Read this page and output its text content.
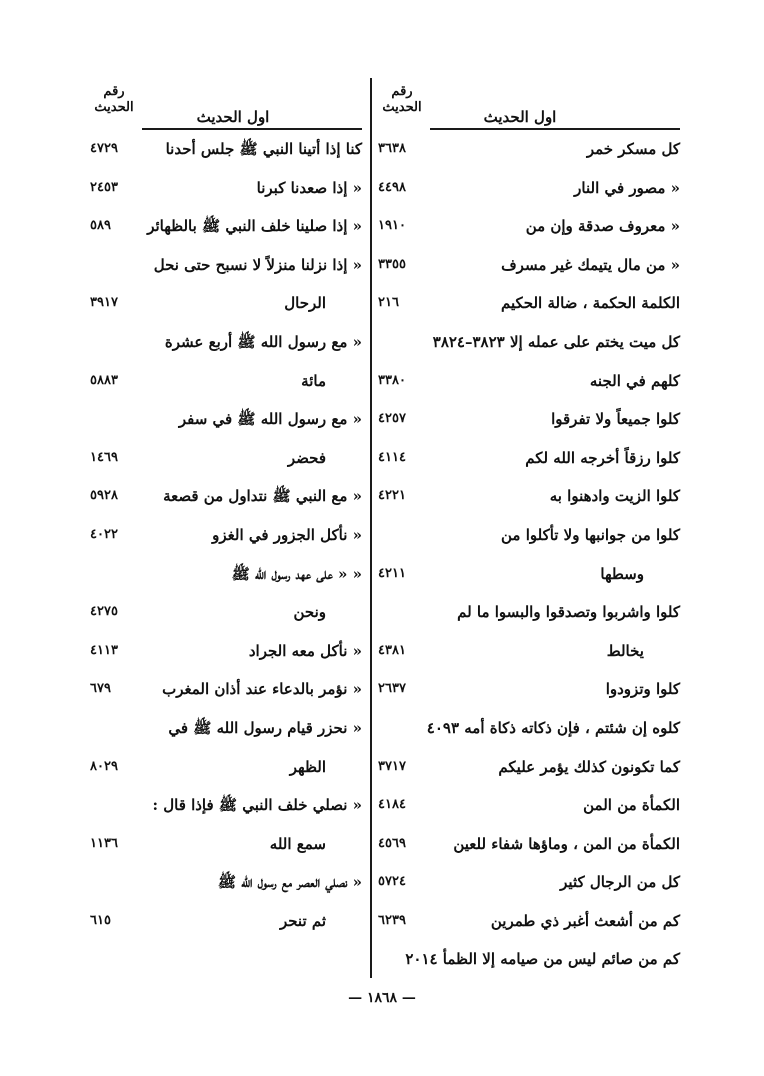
اول الحديث
رقم الحديث
كل مسكر خمر
٣٦٣٨
« مصور في النار
٤٤٩٨
« معروف صدقة وإن من
١٩١٠
« من مال يتيمك غير مسرف
٣٣٥٥
الكلمة الحكمة ، ضالة الحكيم
٢١٦
كل ميت يختم على عمله إلا ٣٨٢٣–٣٨٢٤
كلهم في الجنه
٣٣٨٠
كلوا جميعاً ولا تفرقوا
٤٢٥٧
كلوا رزقاً أخرجه الله لكم
٤١١٤
كلوا الزيت وادهنوا به
٤٢٢١
كلوا من جوانبها ولا تأكلوا من
وسطها
٤٢١١
كلوا واشربوا وتصدقوا والبسوا ما لم
يخالط
٤٣٨١
كلوا وتزودوا
٢٦٣٧
كلوه إن شئتم ، فإن ذكاته ذكاة أمه ٤٠٩٣
كما تكونون كذلك يؤمر عليكم
٣٧١٧
الكمأة من المن
٤١٨٤
الكمأة من المن ، وماؤها شفاء للعين
٤٥٦٩
كل من الرجال كثير
٥٧٢٤
كم من أشعث أغبر ذي طمرين
٦٢٣٩
كم من صائم ليس من صيامه إلا الظمأ ٢٠١٤
اول الحديث
رقم الحديث
كنا إذا أتينا النبي ﷺ جلس أحدنا
٤٧٢٩
« إذا صعدنا كبرنا
٢٤٥٣
« إذا صلينا خلف النبي ﷺ بالظهائر
٥٨٩
« إذا نزلنا منزلاً لا نسبح حتى نحل
الرحال
٣٩١٧
« مع رسول الله ﷺ أربع عشرة
مائة
٥٨٨٣
« مع رسول الله ﷺ في سفر
فحضر
١٤٦٩
« مع النبي ﷺ نتداول من قصعة
٥٩٢٨
« نأكل الجزور في الغزو
٤٠٢٢
« « على عهد رسول الله ﷺ
ونحن
٤٢٧٥
« نأكل معه الجراد
٤١١٣
« نؤمر بالدعاء عند أذان المغرب
٦٧٩
« نحزر قيام رسول الله ﷺ في
الظهر
٨٠٢٩
« نصلي خلف النبي ﷺ فإذا قال :
سمع الله
١١٣٦
« نصلي العصر مع رسول الله ﷺ
ثم تنحر
٦١٥
— ١٨٦٨ —
